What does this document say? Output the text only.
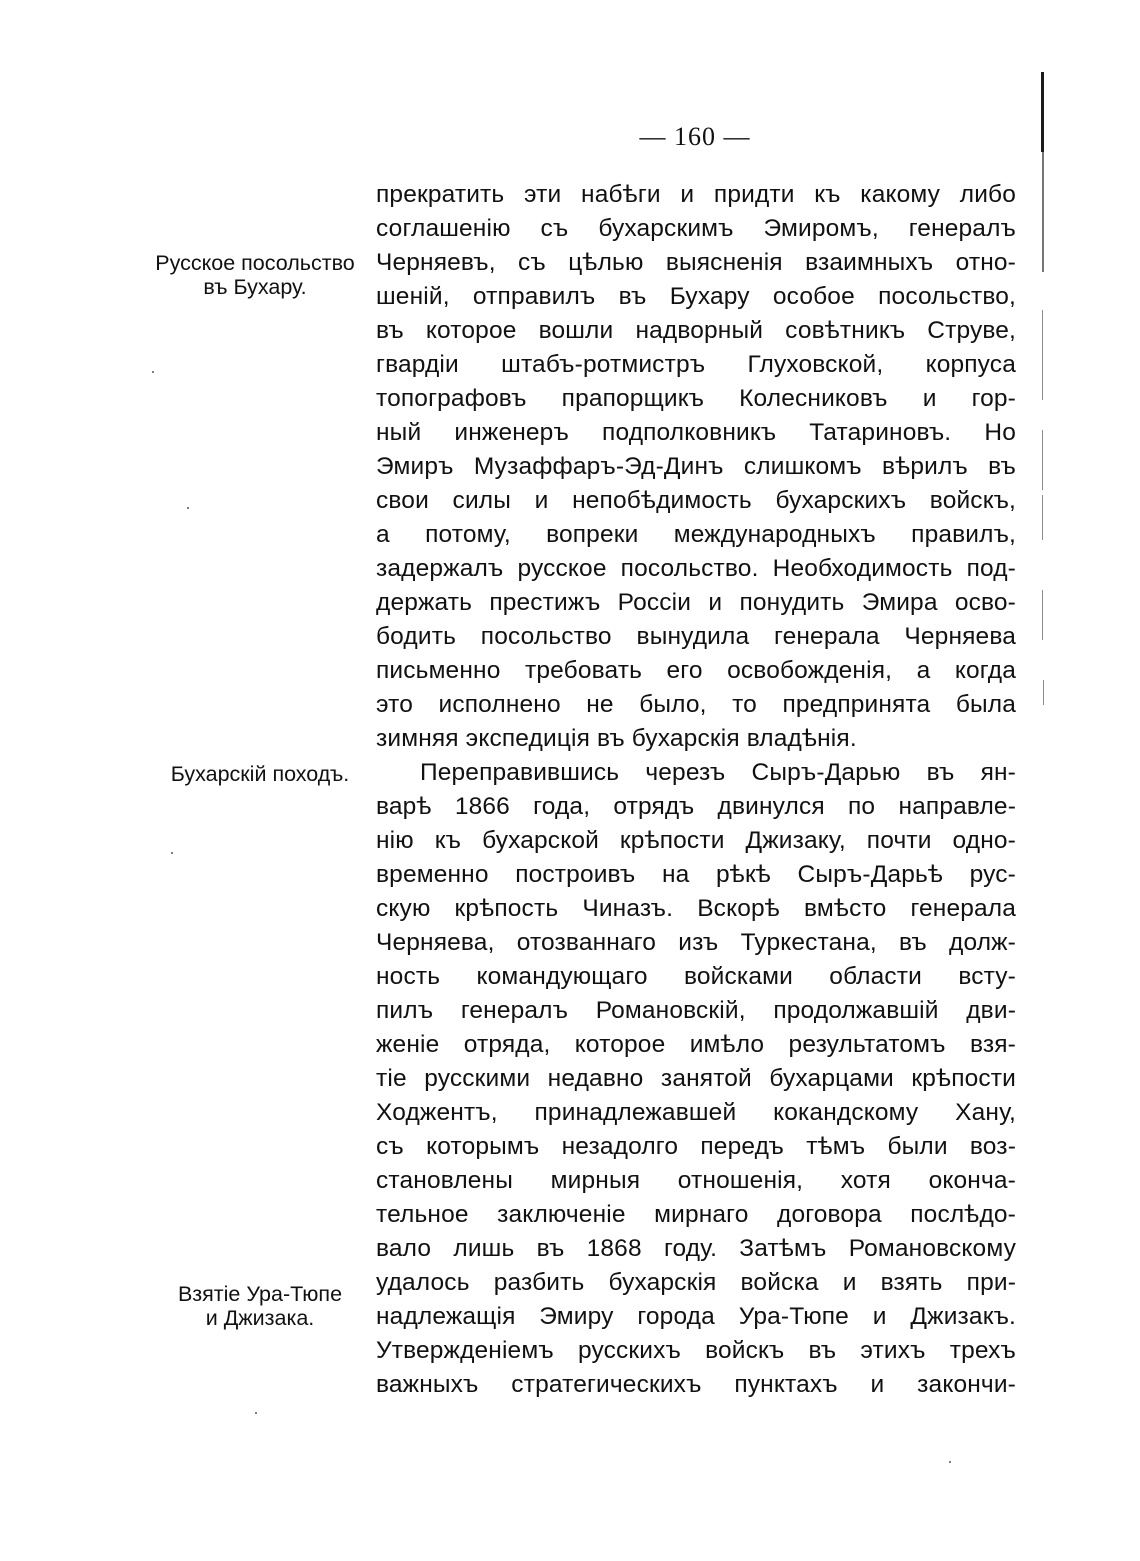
— 160 —
Русское посольство
въ Бухару.
Бухарскій походъ.
Взятіе Ура-Тюпе
и Джизака.
прекратить эти набѣги и придти къ какому либо
соглашенію съ бухарскимъ Эмиромъ, генералъ
Черняевъ, съ цѣлью выясненія взаимныхъ отно-
шеній, отправилъ въ Бухару особое посольство,
въ которое вошли надворный совѣтникъ Струве,
гвардіи штабъ-ротмистръ Глуховской, корпуса
топографовъ прапорщикъ Колесниковъ и гор-
ный инженеръ подполковникъ Татариновъ. Но
Эмиръ Музаффаръ-Эд-Динъ слишкомъ вѣрилъ въ
свои силы и непобѣдимость бухарскихъ войскъ,
а потому, вопреки международныхъ правилъ,
задержалъ русское посольство. Необходимость под-
держать престижъ Россіи и понудить Эмира осво-
бодить посольство вынудила генерала Черняева
письменно требовать его освобожденія, а когда
это исполнено не было, то предпринята была
зимняя экспедиція въ бухарскія владѣнія.
Переправившись черезъ Сыръ-Дарью въ ян-
варѣ 1866 года, отрядъ двинулся по направле-
нію къ бухарской крѣпости Джизаку, почти одно-
временно построивъ на рѣкѣ Сыръ-Дарьѣ рус-
скую крѣпость Чиназъ. Вскорѣ вмѣсто генерала
Черняева, отозваннаго изъ Туркестана, въ долж-
ность командующаго войсками области всту-
пилъ генералъ Романовскій, продолжавшій дви-
женіе отряда, которое имѣло результатомъ взя-
тіе русскими недавно занятой бухарцами крѣпости
Ходжентъ, принадлежавшей кокандскому Хану,
съ которымъ незадолго передъ тѣмъ были воз-
становлены мирныя отношенія, хотя оконча-
тельное заключеніе мирнаго договора послѣдо-
вало лишь въ 1868 году. Затѣмъ Романовскому
удалось разбить бухарскія войска и взять при-
надлежащія Эмиру города Ура-Тюпе и Джизакъ.
Утвержденіемъ русскихъ войскъ въ этихъ трехъ
важныхъ стратегическихъ пунктахъ и закончи-
